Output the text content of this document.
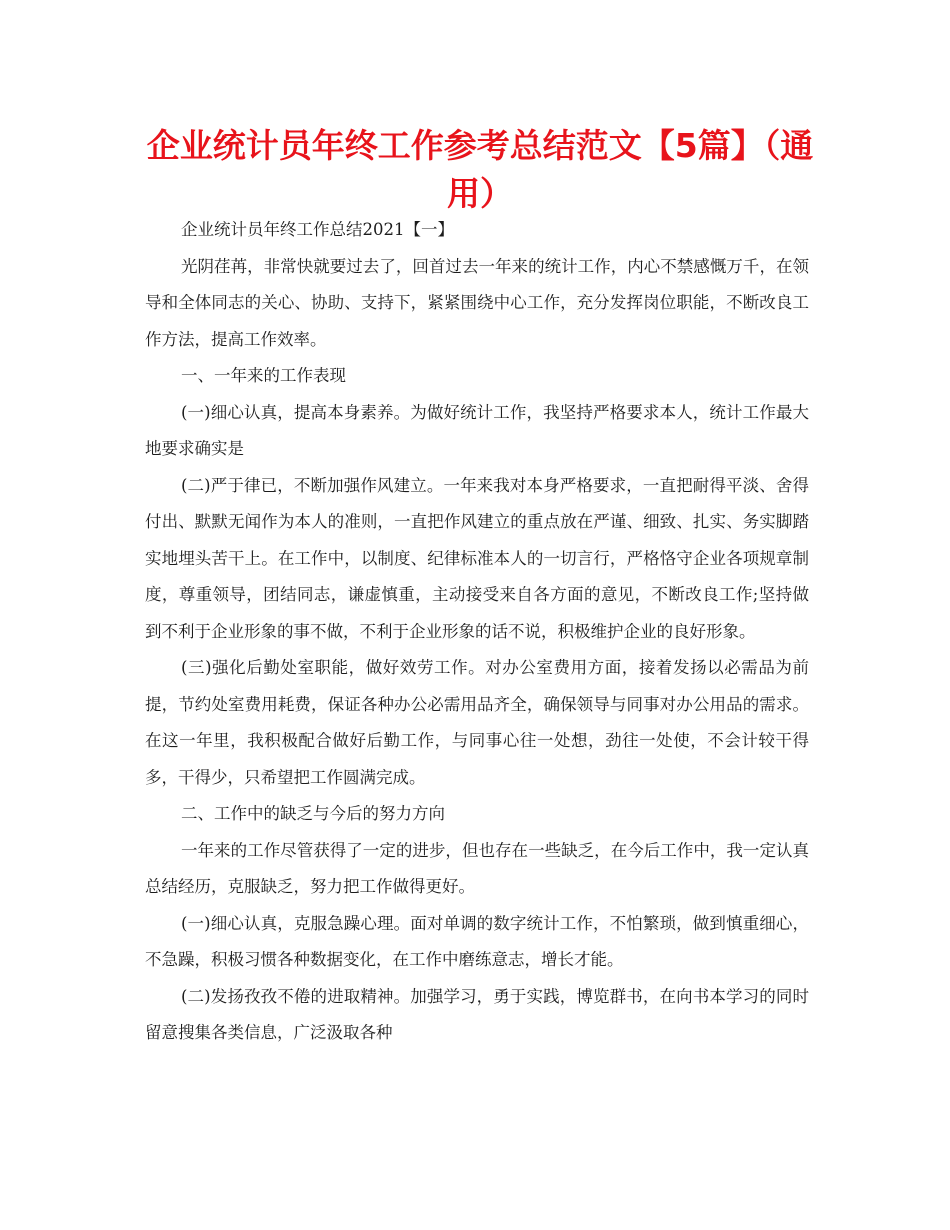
企业统计员年终工作参考总结范文【5篇】（通用）

企业统计员年终工作总结2021【一】

光阴荏苒，非常快就要过去了，回首过去一年来的统计工作，内心不禁感慨万千，在领导和全体同志的关心、协助、支持下，紧紧围绕中心工作，充分发挥岗位职能，不断改良工作方法，提高工作效率。

一、一年来的工作表现

(一)细心认真，提高本身素养。为做好统计工作，我坚持严格要求本人，统计工作最大地要求确实是

(二)严于律已，不断加强作风建立。一年来我对本身严格要求，一直把耐得平淡、舍得付出、默默无闻作为本人的准则，一直把作风建立的重点放在严谨、细致、扎实、务实脚踏实地埋头苦干上。在工作中，以制度、纪律标准本人的一切言行，严格恪守企业各项规章制度，尊重领导，团结同志，谦虚慎重，主动接受来自各方面的意见，不断改良工作;坚持做到不利于企业形象的事不做，不利于企业形象的话不说，积极维护企业的良好形象。

(三)强化后勤处室职能，做好效劳工作。对办公室费用方面，接着发扬以必需品为前提，节约处室费用耗费，保证各种办公必需用品齐全，确保领导与同事对办公用品的需求。在这一年里，我积极配合做好后勤工作，与同事心往一处想，劲往一处使，不会计较干得多，干得少，只希望把工作圆满完成。

二、工作中的缺乏与今后的努力方向

一年来的工作尽管获得了一定的进步，但也存在一些缺乏，在今后工作中，我一定认真总结经历，克服缺乏，努力把工作做得更好。

(一)细心认真，克服急躁心理。面对单调的数字统计工作，不怕繁琐，做到慎重细心，不急躁，积极习惯各种数据变化，在工作中磨练意志，增长才能。

(二)发扬孜孜不倦的进取精神。加强学习，勇于实践，博览群书，在向书本学习的同时留意搜集各类信息，广泛汲取各种
